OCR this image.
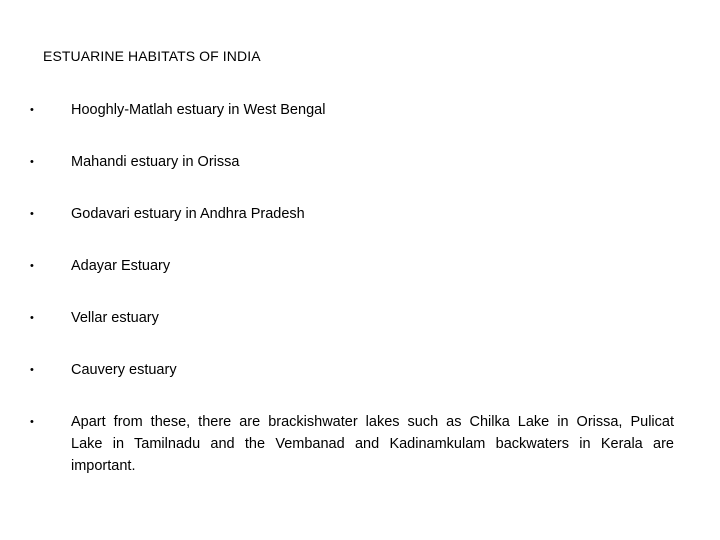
ESTUARINE HABITATS OF INDIA
•	Hooghly-Matlah estuary in West Bengal
•	Mahandi estuary in Orissa
•	Godavari estuary in Andhra Pradesh
•	Adayar Estuary
•	Vellar estuary
•	Cauvery estuary
•	Apart from these, there are brackishwater lakes such as Chilka Lake in Orissa, Pulicat Lake in Tamilnadu and the Vembanad and Kadinamkulam backwaters in Kerala are important.
